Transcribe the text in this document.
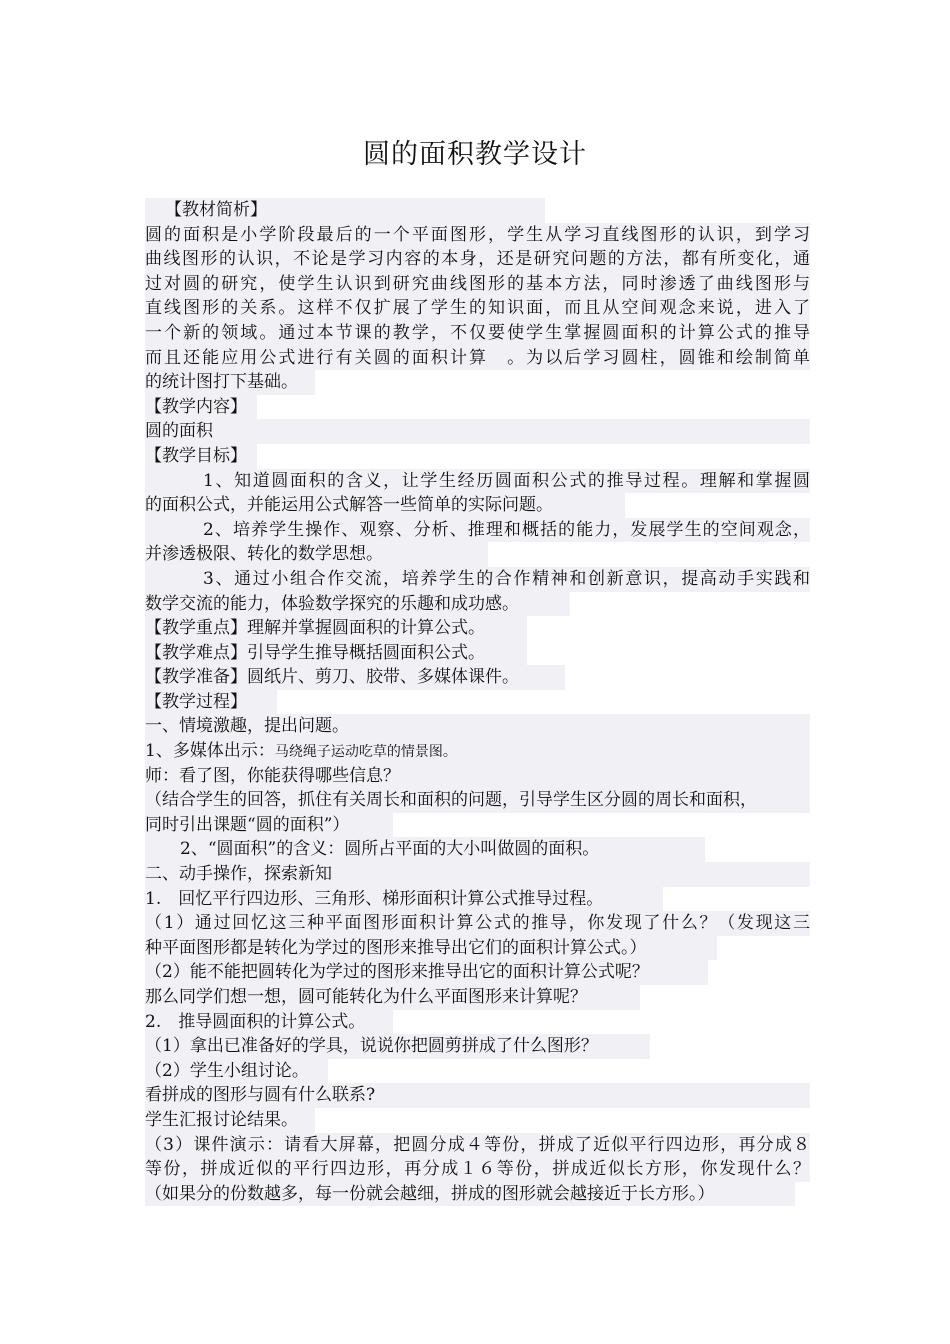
圆的面积教学设计
【教材简析】
圆的面积是小学阶段最后的一个平面图形，学生从学习直线图形的认识，到学习
曲线图形的认识，不论是学习内容的本身，还是研究问题的方法，都有所变化，通
过对圆的研究，使学生认识到研究曲线图形的基本方法，同时渗透了曲线图形与
直线图形的关系。这样不仅扩展了学生的知识面，而且从空间观念来说，进入了
一个新的领域。通过本节课的教学，不仅要使学生掌握圆面积的计算公式的推导
而且还能应用公式进行有关圆的面积计算　。为以后学习圆柱，圆锥和绘制简单
的统计图打下基础。
【教学内容】
圆的面积
【教学目标】
1、知道圆面积的含义，让学生经历圆面积公式的推导过程。理解和掌握圆
的面积公式，并能运用公式解答一些简单的实际问题。
2、培养学生操作、观察、分析、推理和概括的能力，发展学生的空间观念，
并渗透极限、转化的数学思想。
3、通过小组合作交流，培养学生的合作精神和创新意识，提高动手实践和
数学交流的能力，体验数学探究的乐趣和成功感。
【教学重点】理解并掌握圆面积的计算公式。
【教学难点】引导学生推导概括圆面积公式。
【教学准备】圆纸片、剪刀、胶带、多媒体课件。
【教学过程】
一、情境激趣，提出问题。
1、多媒体出示：马绕绳子运动吃草的情景图。
师：看了图，你能获得哪些信息？
（结合学生的回答，抓住有关周长和面积的问题，引导学生区分圆的周长和面积，
同时引出课题“圆的面积”）
2、“圆面积”的含义：圆所占平面的大小叫做圆的面积。
二、动手操作，探索新知
1.　回忆平行四边形、三角形、梯形面积计算公式推导过程。
（1）通过回忆这三种平面图形面积计算公式的推导，你发现了什么？（发现这三
种平面图形都是转化为学过的图形来推导出它们的面积计算公式。）
（2）能不能把圆转化为学过的图形来推导出它的面积计算公式呢？
那么同学们想一想，圆可能转化为什么平面图形来计算呢？
2.　推导圆面积的计算公式。
（1）拿出已准备好的学具，说说你把圆剪拼成了什么图形？
（2）学生小组讨论。
看拼成的图形与圆有什么联系?
学生汇报讨论结果。
（3）课件演示：请看大屏幕，把圆分成４等份，拼成了近似平行四边形，再分成８
等份，拼成近似的平行四边形，再分成１６等份，拼成近似长方形，你发现什么？
（如果分的份数越多，每一份就会越细，拼成的图形就会越接近于长方形。）
